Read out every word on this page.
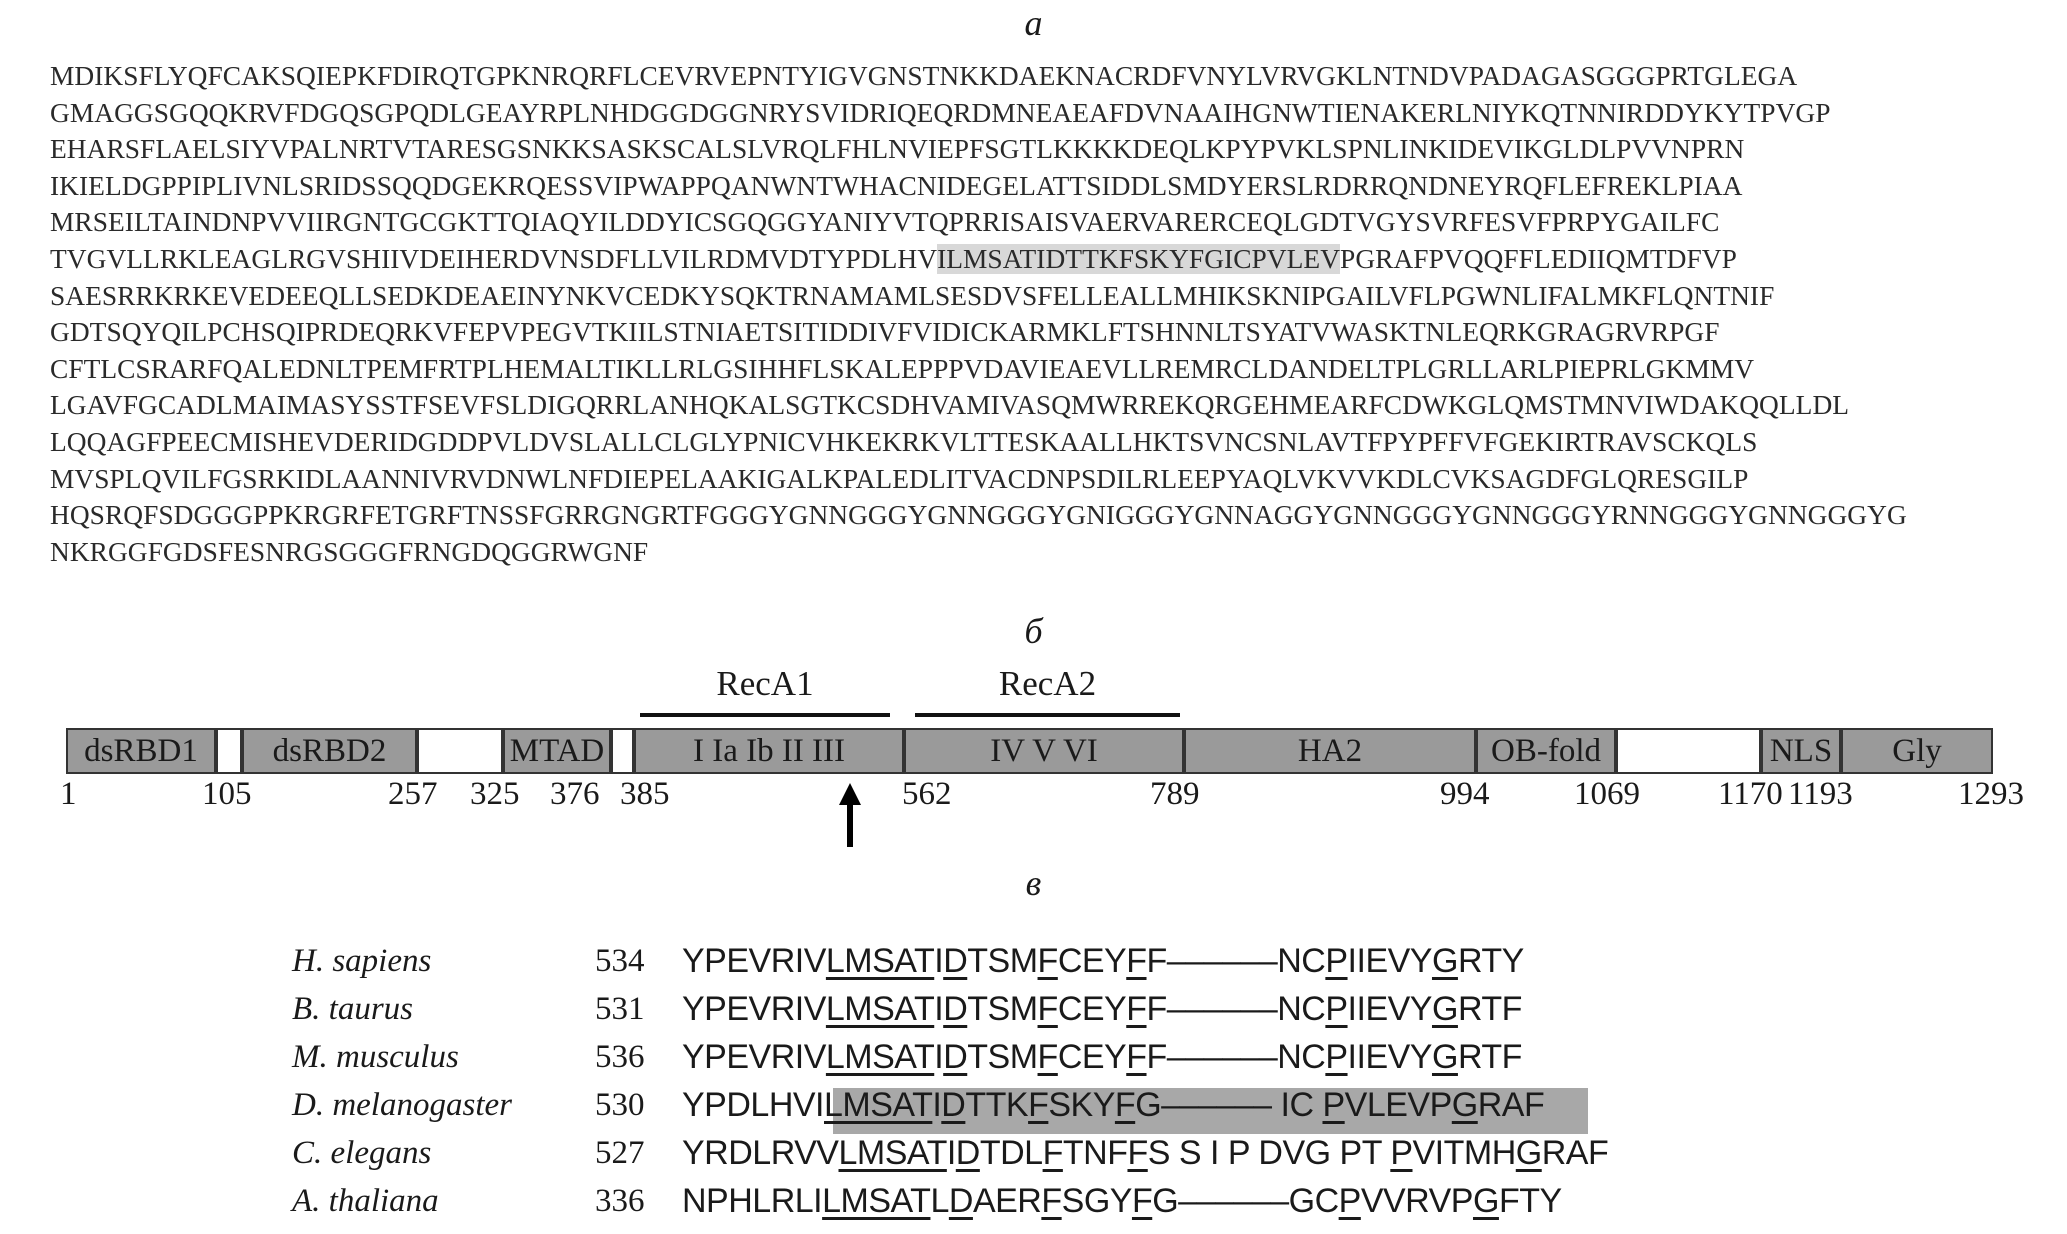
а
MDIKSFLYQFCAKSQIEPKFDIRQTGPKNRQRFLCEVRVEPNTYIGVGNSTNKKDAEKNACRDFVNYLVRVGKLNTNDVPADAGASGGGPRTGLEGA
GMAGGSGQQKRVFDGQSGPQDLGEAYRPLNHDGGDGGNRYSVIDRIQEQRDMNEAEAFDVNAAIHGNWTIENAKERLNIYKQTNNIRDDYKYTPVGP
EHARSFLAELSIYVPALNRTVTARESGSNKKSASKSCALSLVRQLFHLNVIEPFSGTLKKKKDEQLKPYPVKLSPNLINKIDEVIKGLDLPVVNPRN
IKIELDGPPIPLIVNLSRIDSSQQDGEKRQESSVIPWAPPQANWNTWHACNIDEGELATTSIDDLSMDYERSLRDRRQNDNEYRQFLEFREKLPIAA
MRSEILTAINDNPVVIIRGNTGCGKTTQIAQYILDDYICSGQGGYANIYVTQPRRISAISVAERVARERCEQLGDTVGYSVRFESVFPRPYGAILFC
TVGVLLRKLEAGLRGVSHIIVDEIHERDVNSDFLLVILRDMVDTYPDLHVILMSATIDTTKFSKYFGICPVLEVPGRAFPVQQFFLEDIIQMTDFVP
SAESRRKRKEVEDEEQLLSEDKDEAEINYNKVCEDKYSQKTRNAMAMLSESDVSFELLEALLMHIKSKNIPGAILVFLPGWNLIFALMKFLQNTNIF
GDTSQYQILPCHSQIPRDEQRKVFEPVPEGVTKIILSTNIAETSITIDDIVFVIDICKARMKLFTSHNNLTSYATVWASKTNLEQRKGRAGRVRPGF
CFTLCSRARFQALEDNLTPEMFRTPLHEMALTIKLLRLGSIHHFLSKALEPPPVDAVIEAEVLLREMRCLDANDELTPLGRLLARLPIEPRLGKMMV
LGAVFGCADLMAIMASYSSTFSEVFSLDIGQRRLANHQKALSGTKCSDHVAMIVASQMWRREKQRGEHMEARFCDWKGLQMSTMNVIWDAKQQLLDL
LQQAGFPEECMISHEVDERIDGDDPVLDVSLALLCLGLYPNICVHKEKRKVLTTESKAALLHKTSVNCSNLAVTFPYPFFVFGEKIRTRAVSCKQLS
MVSPLQVILFGSRKIDLAANNIVRVDNWLNFDIEPELAAKIGALKPALEDLITVACDNPSDILRLEEPYAQLVKVVKDLCVKSAGDFGLQRESGILP
HQSRQFSDGGGPPKRGRFETGRFTNSSFGRRGNGRTFGGGYGNNGGGYGNNGGGYGNIGGGYGNNAGGYGNNGGGYGNNGGGYRNNGGGYGNNGGGYG
NKRGGFGDSFESNRGSGGGFRNGDQGGRWGNF
б
RecA1	RecA2
dsRBD1	dsRBD2	MTAD	I Ia Ib II III	IV V VI	HA2	OB-fold	NLS	Gly
1	105	257 325 376 385	562	789	994	1069 1170 1193	1293
в
H. sapiens	534 YPEVRIVLMSATIDTSMFCEYFF––––––NCPIIEVYGRTY
B. taurus	531 YPEVRIVLMSATIDTSMFCEYFF––––––NCPIIEVYGRTF
M. musculus	536 YPEVRIVLMSATIDTSMFCEYFF––––––NCPIIEVYGRTF
D. melanogaster	530 YPDLHVILMSATIDTTKFSKYFG–––––– IC PVLEVPGRAF
C. elegans	527 YRDLRVVLMSATIDTDLFTNFFS S I P DVG PT PVITMHGRAF
A. thaliana	336 NPHLRLILMSATLDAERFSGYFG––––––GCPVVRVPGFTY
